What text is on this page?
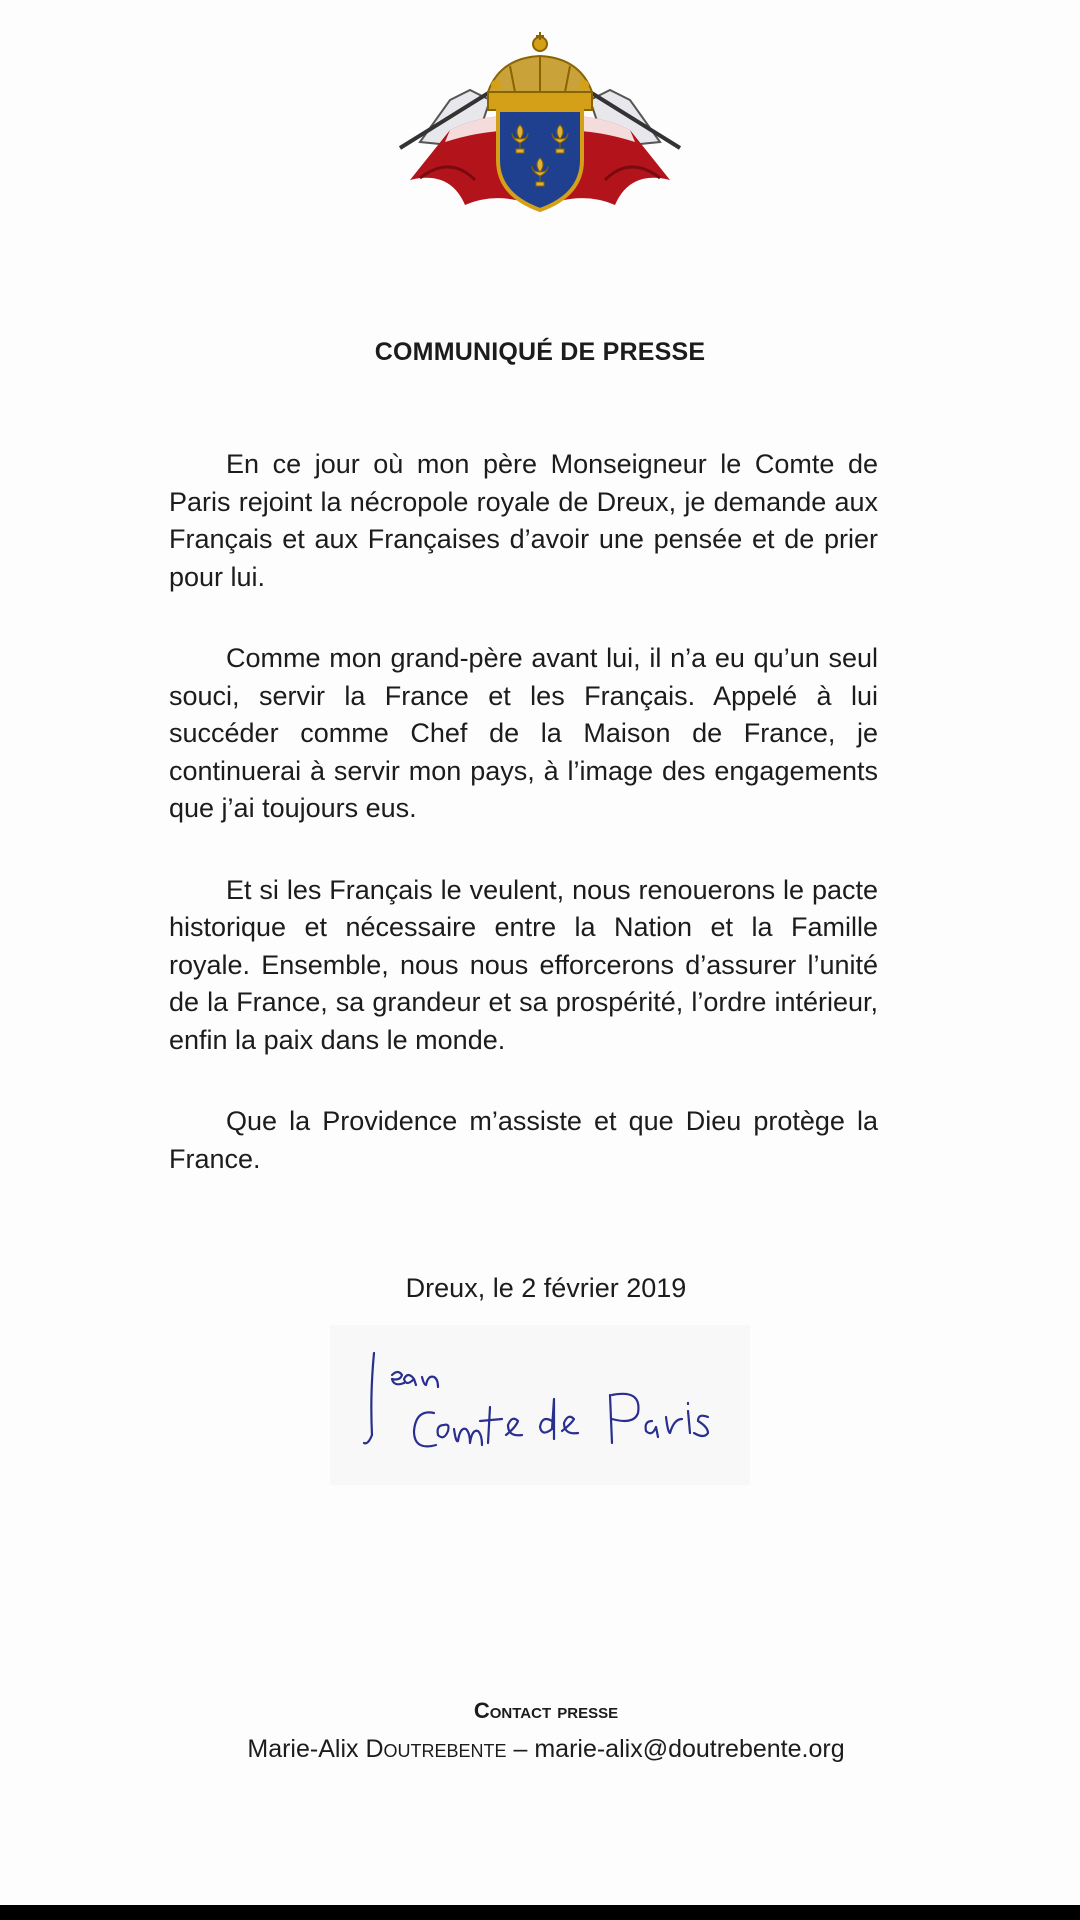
COMMUNIQUÉ DE PRESSE

En ce jour où mon père Monseigneur le Comte de Paris rejoint la nécropole royale de Dreux, je demande aux Français et aux Françaises d’avoir une pensée et de prier pour lui.

Comme mon grand-père avant lui, il n’a eu qu’un seul souci, servir la France et les Français. Appelé à lui succéder comme Chef de la Maison de France, je continuerai à servir mon pays, à l’image des engagements que j’ai toujours eus.

Et si les Français le veulent, nous renouerons le pacte historique et nécessaire entre la Nation et la Famille royale. Ensemble, nous nous efforcerons d’assurer l’unité de la France, sa grandeur et sa prospérité, l’ordre intérieur, enfin la paix dans le monde.

Que la Providence m’assiste et que Dieu protège la France.

Dreux, le 2 février 2019
Contact presse
Marie-Alix Doutrebente – marie-alix@doutrebente.org
